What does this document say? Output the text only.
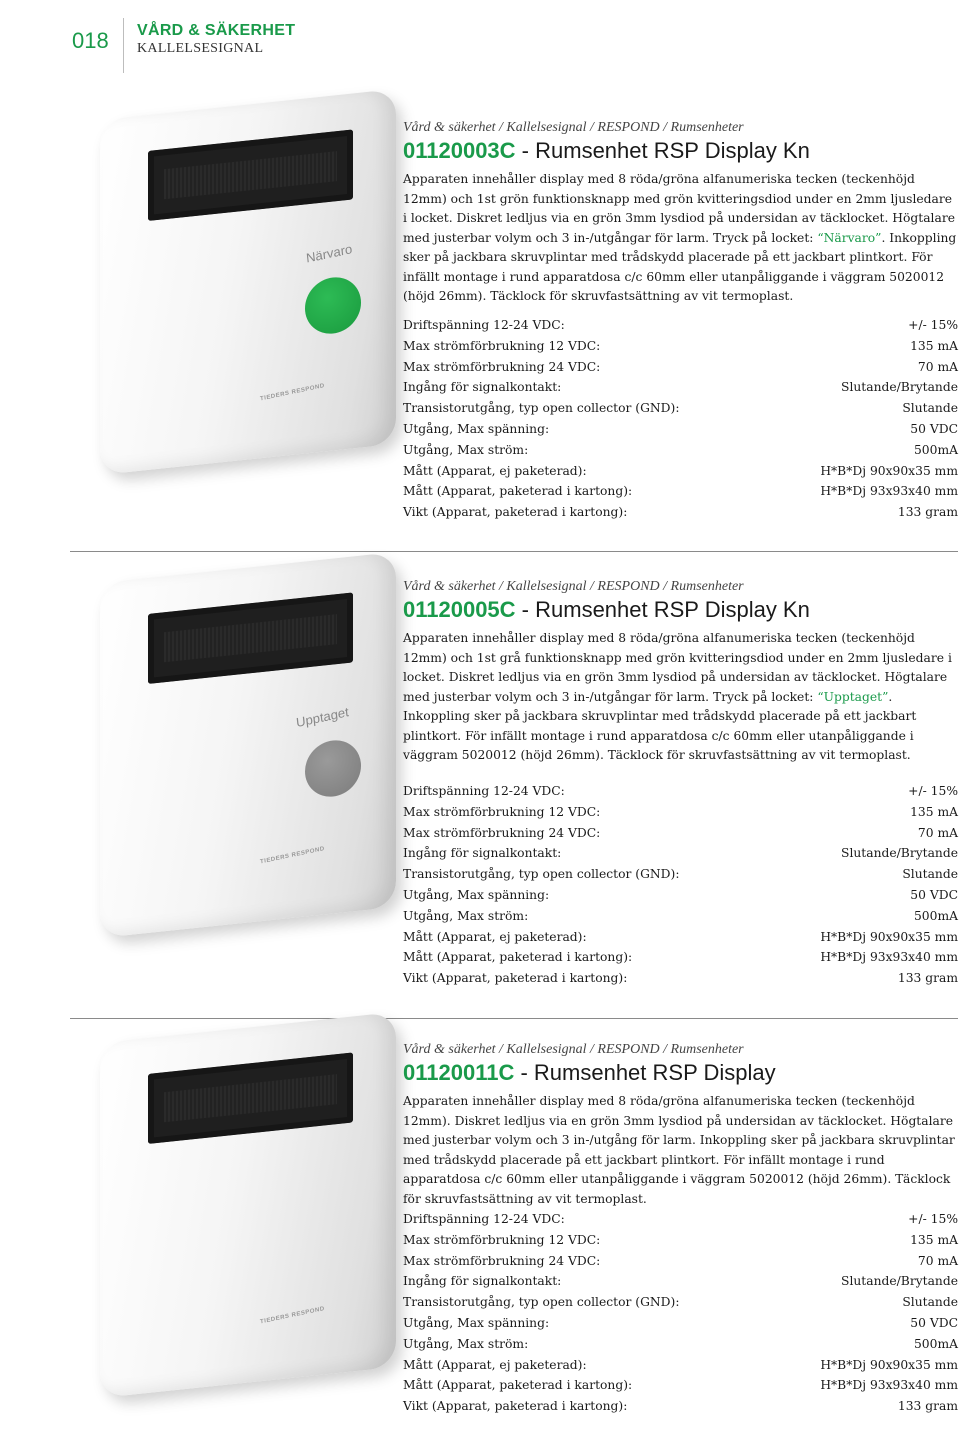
018 VÅRD & SÄKERHET
KALLELSESIGNAL
Närvaro
TIEDERS RESPOND
Vård & säkerhet / Kallelsesignal / RESPOND / Rumsenheter
01120003C - Rumsenhet RSP Display Kn
Apparaten innehåller display med 8 röda/gröna alfanumeriska tecken (teckenhöjd 12mm) och 1st grön funktionsknapp med grön kvitteringsdiod under en 2mm ljusledare i locket. Diskret ledljus via en grön 3mm lysdiod på undersidan av täcklocket. Högtalare med justerbar volym och 3 in-/utgångar för larm. Tryck på locket: “Närvaro”. Inkoppling sker på jackbara skruvplintar med trådskydd placerade på ett jackbart plintkort. För infällt montage i rund apparatdosa c/c 60mm eller utanpåliggande i väggram 5020012 (höjd 26mm). Täcklock för skruvfastsättning av vit termoplast.
Driftspänning 12-24 VDC:	+/- 15%
Max strömförbrukning 12 VDC:	135 mA
Max strömförbrukning 24 VDC:	70 mA
Ingång för signalkontakt:	Slutande/Brytande
Transistorutgång, typ open collector (GND):	Slutande
Utgång, Max spänning:	50 VDC
Utgång, Max ström:	500mA
Mått (Apparat, ej paketerad):	H*B*Dj 90x90x35 mm
Mått (Apparat, paketerad i kartong):	H*B*Dj 93x93x40 mm
Vikt (Apparat, paketerad i kartong):	133 gram
Upptaget
TIEDERS RESPOND
Vård & säkerhet / Kallelsesignal / RESPOND / Rumsenheter
01120005C - Rumsenhet RSP Display Kn
Apparaten innehåller display med 8 röda/gröna alfanumeriska tecken (teckenhöjd 12mm) och 1st grå funktionsknapp med grön kvitteringsdiod under en 2mm ljusledare i locket. Diskret ledljus via en grön 3mm lysdiod på undersidan av täcklocket. Högtalare med justerbar volym och 3 in-/utgångar för larm. Tryck på locket: “Upptaget”. Inkoppling sker på jackbara skruvplintar med trådskydd placerade på ett jackbart plintkort. För infällt montage i rund apparatdosa c/c 60mm eller utanpåliggande i väggram 5020012 (höjd 26mm). Täcklock för skruvfastsättning av vit termoplast.
Driftspänning 12-24 VDC:	+/- 15%
Max strömförbrukning 12 VDC:	135 mA
Max strömförbrukning 24 VDC:	70 mA
Ingång för signalkontakt:	Slutande/Brytande
Transistorutgång, typ open collector (GND):	Slutande
Utgång, Max spänning:	50 VDC
Utgång, Max ström:	500mA
Mått (Apparat, ej paketerad):	H*B*Dj 90x90x35 mm
Mått (Apparat, paketerad i kartong):	H*B*Dj 93x93x40 mm
Vikt (Apparat, paketerad i kartong):	133 gram
TIEDERS RESPOND
Vård & säkerhet / Kallelsesignal / RESPOND / Rumsenheter
01120011C - Rumsenhet RSP Display
Apparaten innehåller display med 8 röda/gröna alfanumeriska tecken (teckenhöjd 12mm). Diskret ledljus via en grön 3mm lysdiod på undersidan av täcklocket. Högtalare med justerbar volym och 3 in-/utgång för larm. Inkoppling sker på jackbara skruvplintar med trådskydd placerade på ett jackbart plintkort. För infällt montage i rund apparatdosa c/c 60mm eller utanpåliggande i väggram 5020012 (höjd 26mm). Täcklock för skruvfastsättning av vit termoplast.
Driftspänning 12-24 VDC:	+/- 15%
Max strömförbrukning 12 VDC:	135 mA
Max strömförbrukning 24 VDC:	70 mA
Ingång för signalkontakt:	Slutande/Brytande
Transistorutgång, typ open collector (GND):	Slutande
Utgång, Max spänning:	50 VDC
Utgång, Max ström:	500mA
Mått (Apparat, ej paketerad):	H*B*Dj 90x90x35 mm
Mått (Apparat, paketerad i kartong):	H*B*Dj 93x93x40 mm
Vikt (Apparat, paketerad i kartong):	133 gram
